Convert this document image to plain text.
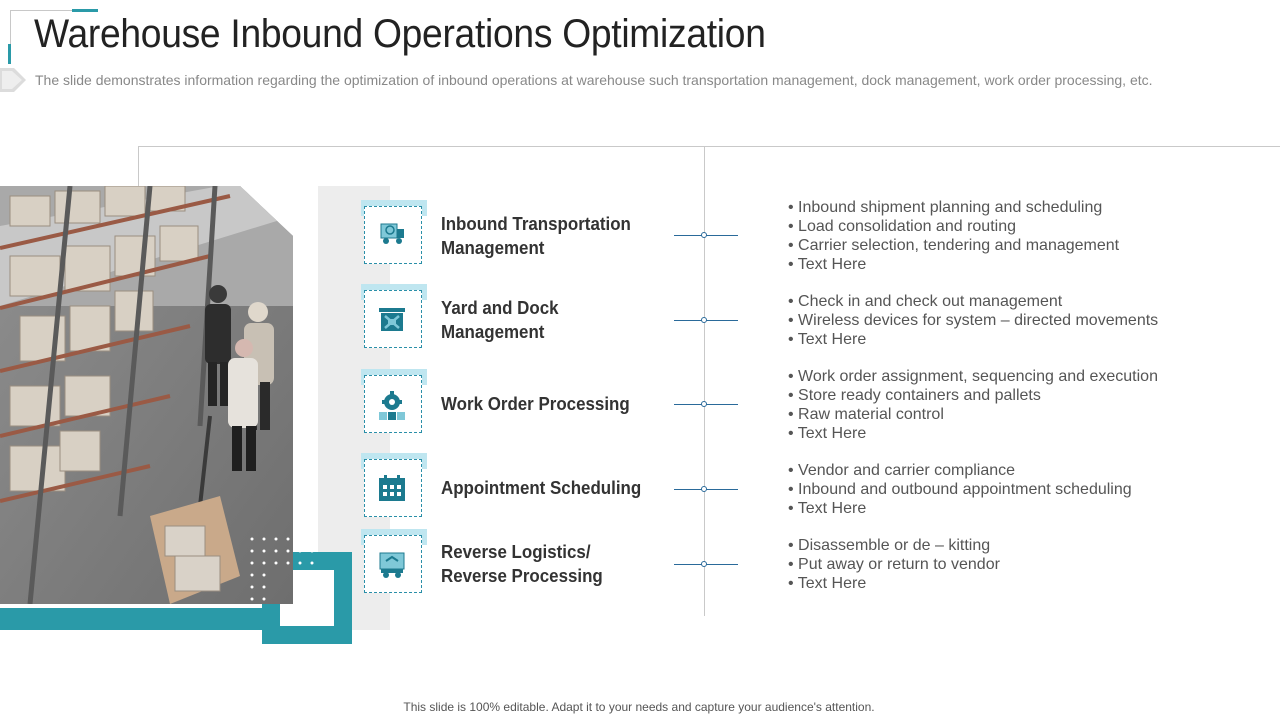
Warehouse Inbound Operations Optimization
The slide demonstrates information regarding the optimization of inbound operations at warehouse such transportation management, dock management, work order processing, etc.
Inbound Transportation
Management
• Inbound shipment planning and scheduling
• Load consolidation and routing
• Carrier selection, tendering and management
• Text Here
Yard and Dock
Management
• Check in and check out management
• Wireless devices for system – directed movements
• Text Here
Work Order Processing
• Work order assignment, sequencing and execution
• Store ready containers and pallets
• Raw material control
• Text Here
Appointment Scheduling
• Vendor and carrier compliance
• Inbound and outbound appointment scheduling
• Text Here
Reverse Logistics/
Reverse Processing
• Disassemble or de – kitting
• Put away or return to vendor
• Text Here
This slide is 100% editable. Adapt it to your needs and capture your audience's attention.
